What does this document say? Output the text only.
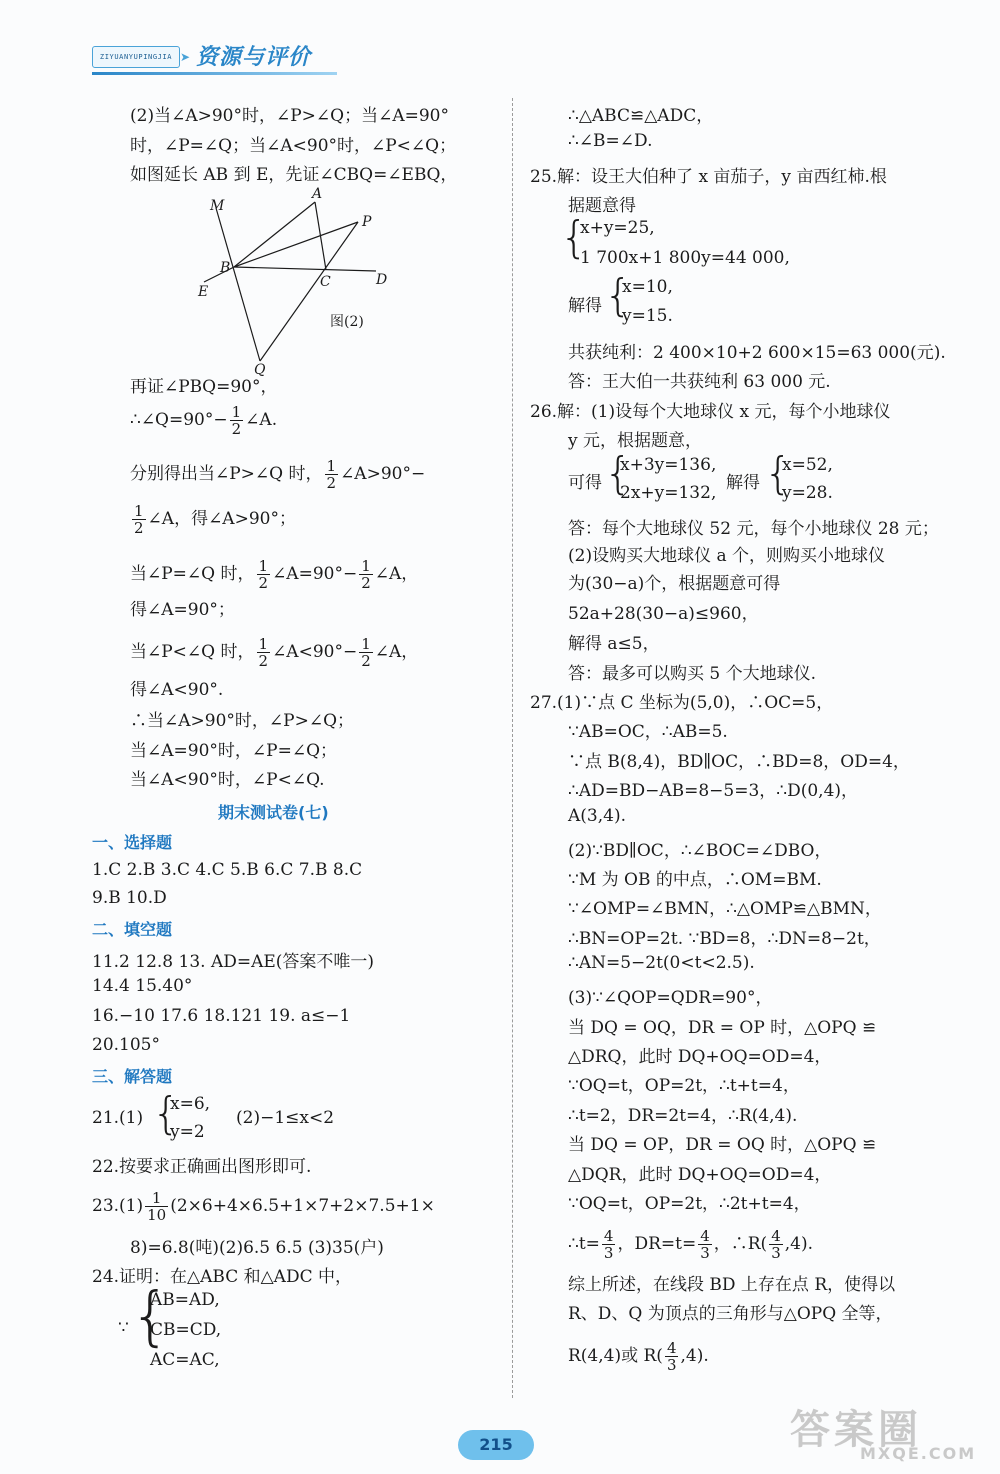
ZIYUANYUPINGJIA ➤ 资源与评价
(2)当∠A>90°时，∠P>∠Q；当∠A=90°
时，∠P=∠Q；当∠A<90°时，∠P<∠Q；
如图延长 AB 到 E，先证∠CBQ=∠EBQ，
M
A
P
B
C	D
E
Q
图(2)
再证∠PBQ=90°，
∴∠Q=90°− $\frac{1}{2}$ ∠A.
分别得出当∠P>∠Q 时， $\frac{1}{2}$ ∠A>90°−
$\frac{1}{2}$ ∠A，得∠A>90°；
当∠P=∠Q 时， $\frac{1}{2}$ ∠A=90°− $\frac{1}{2}$ ∠A，
得∠A=90°；
当∠P<∠Q 时， $\frac{1}{2}$ ∠A<90°− $\frac{1}{2}$ ∠A，
得∠A<90°.
∴当∠A>90°时，∠P>∠Q；
当∠A=90°时，∠P=∠Q；
当∠A<90°时，∠P<∠Q.
期末测试卷(七)
一、选择题
1.C 2.B 3.C 4.C 5.B 6.C 7.B 8.C
9.B 10.D
二、填空题
11.2 12.8 13. AD=AE(答案不唯一)
14.4 15.40°
16.−10 17.6 18.121 19. a≤−1
20.105°
三、解答题
21.(1) {
x=6,
y=2
(2)−1≤x<2
22.按要求正确画出图形即可.
$23.(1) \frac{1}{10} (2\times 6+4\times 6.5+1\times 7+2\times 7.5+1\times$
8)=6.8(吨)(2)6.5 6.5 (3)35(户)
24.证明：在△ABC 和△ADC 中，
∵ {
AB=AD,
CB=CD,
AC=AC,
∴△ABC≌△ADC，
∴∠B=∠D.
25.解：设王大伯种了 x 亩茄子，y 亩西红柿.根
据题意得
{
x+y=25,
1 700x+1 800y=44 000,
解得 {
x=10,
y=15.
共获纯利：2 400×10+2 600×15=63 000(元).
答：王大伯一共获纯利 63 000 元.
26.解：(1)设每个大地球仪 x 元，每个小地球仪
y 元，根据题意，
可得 {
x+3y=136,
2x+y=132, 解得 {
x=52,
y=28.
答：每个大地球仪 52 元，每个小地球仪 28 元；
(2)设购买大地球仪 a 个，则购买小地球仪
为(30−a)个，根据题意可得
52a+28(30−a)≤960，
解得 a≤5，
答：最多可以购买 5 个大地球仪.
27.(1)∵点 C 坐标为(5,0)，∴OC=5，
∵AB=OC，∴AB=5.
∵点 B(8,4)，BD∥OC，∴BD=8，OD=4，
∴AD=BD−AB=8−5=3，∴D(0,4)，
A(3,4).
(2)∵BD∥OC，∴∠BOC=∠DBO，
∵M 为 OB 的中点，∴OM=BM.
∵∠OMP=∠BMN，∴△OMP≌△BMN，
∴BN=OP=2t. ∵BD=8，∴DN=8−2t，
∴AN=5−2t(0<t<2.5).
(3)∵∠QOP=QDR=90°，
当 DQ = OQ，DR = OP 时，△OPQ ≌
△DRQ，此时 DQ+OQ=OD=4，
∵OQ=t，OP=2t，∴t+t=4，
∴t=2，DR=2t=4，∴R(4,4).
当 DQ = OP，DR = OQ 时，△OPQ ≌
△DQR，此时 DQ+OQ=OD=4，
∵OQ=t，OP=2t，∴2t+t=4，
∴t= $\frac{4}{3}$ ，$DR=t= \frac{4}{3}$ ，∴R( $\frac{4}{3} ,4$).
综上所述，在线段 BD 上存在点 R，使得以
R、D、Q 为顶点的三角形与△OPQ 全等，
R(4,4)或 $R( \frac{4}{3} ,4)$.
215	答案圈
MXQE.COM
